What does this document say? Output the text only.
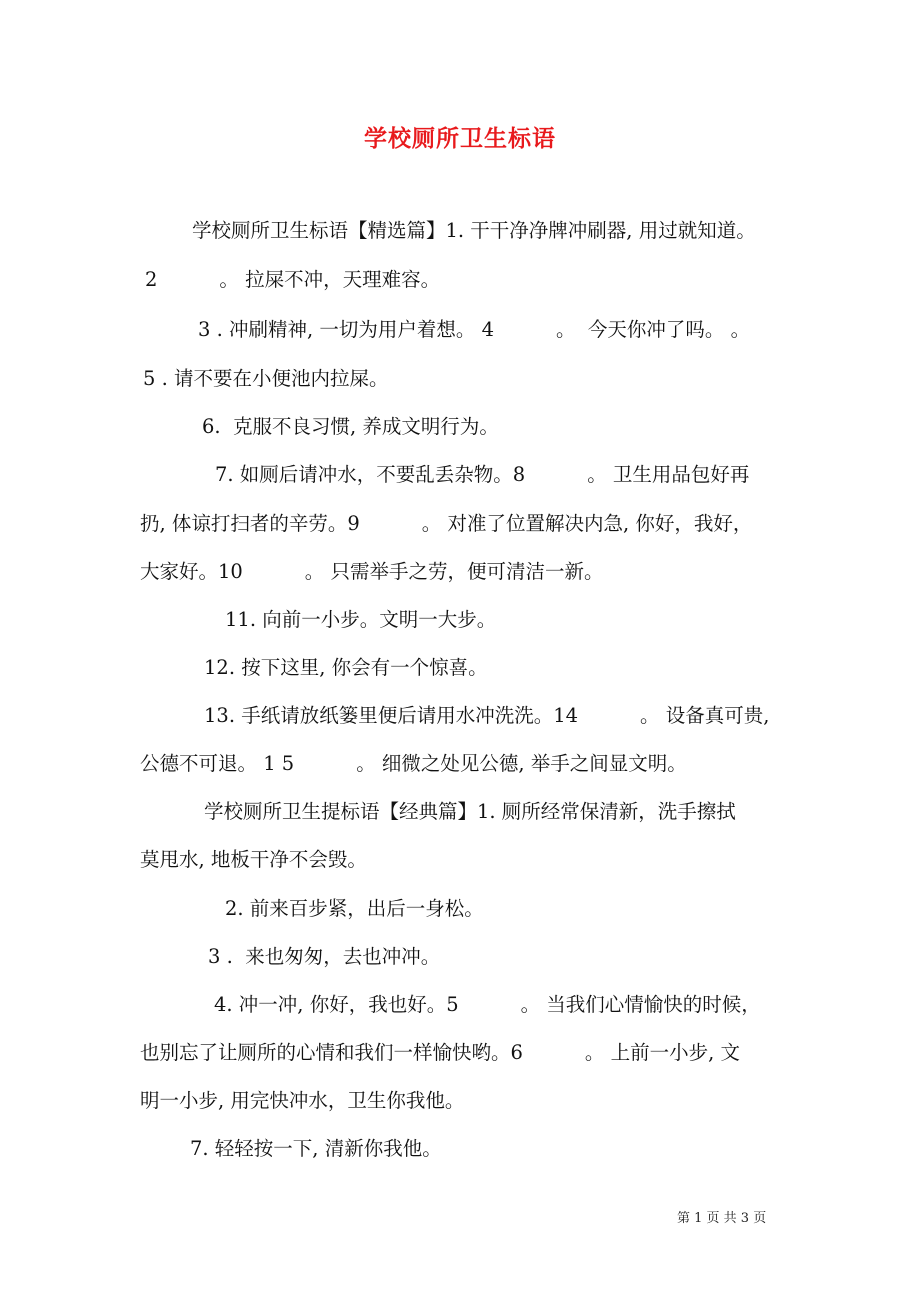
学校厕所卫生标语
学校厕所卫生标语【精选篇】1. 干干净净牌冲刷器, 用过就知道。
2          。 拉屎不冲，天理难容。
3 . 冲刷精神, 一切为用户着想。 4          。  今天你冲了吗。 。
5 . 请不要在小便池内拉屎。
6.  克服不良习惯, 养成文明行为。
7. 如厕后请冲水，不要乱丢杂物。8          。 卫生用品包好再
扔, 体谅打扫者的辛劳。9          。 对准了位置解决内急, 你好，我好，
大家好。10          。 只需举手之劳，便可清洁一新。
11. 向前一小步。文明一大步。
12. 按下这里, 你会有一个惊喜。
13. 手纸请放纸篓里便后请用水冲洗洗。14          。 设备真可贵,
公德不可退。 1 5          。 细微之处见公德, 举手之间显文明。
学校厕所卫生提标语【经典篇】1. 厕所经常保清新，洗手擦拭
莫甩水, 地板干净不会毁。
2. 前来百步紧，出后一身松。
3 .  来也匆匆，去也冲冲。
4. 冲一冲, 你好，我也好。5          。 当我们心情愉快的时候，
也别忘了让厕所的心情和我们一样愉快哟。6          。 上前一小步, 文
明一小步, 用完快冲水，卫生你我他。
7. 轻轻按一下, 清新你我他。
第 1 页 共 3 页
